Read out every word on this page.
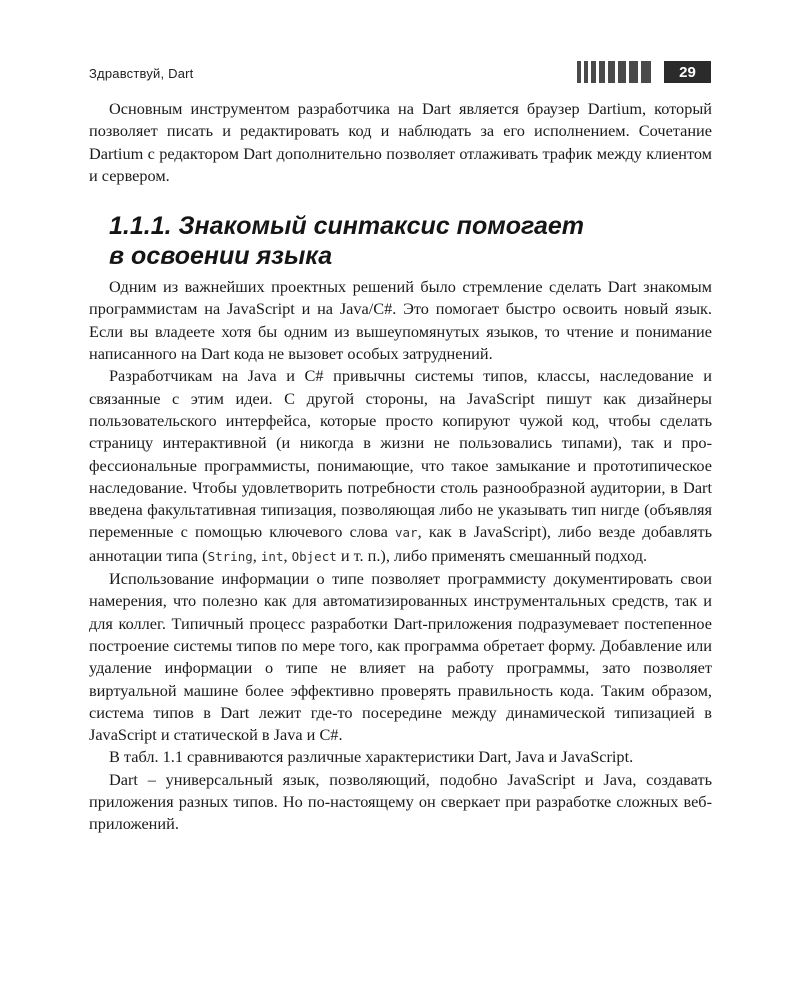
Здравствуй, Dart	29

Основным инструментом разработчика на Dart является браузер Dartium, который позволяет писать и редактировать код и наблюдать за его исполнением. Сочетание Dartium с редактором Dart дополнительно позволяет отлаживать трафик между клиентом и сервером.

1.1.1. Знакомый синтаксис помогает
в освоении языка

Одним из важнейших проектных решений было стремление сделать Dart знакомым программистам на JavaScript и на Java/C#. Это помогает быстро освоить новый язык. Если вы владеете хотя бы одним из вышеупомянутых языков, то чтение и понимание написанного на Dart кода не вызовет особых затруднений.

Разработчикам на Java и C# привычны системы типов, классы, наследование и связанные с этим идеи. С другой стороны, на JavaScript пишут как дизайнеры пользовательского интерфейса, которые просто копируют чужой код, чтобы сделать страницу интерактивной (и никогда в жизни не пользовались типами), так и профессиональные программисты, понимающие, что такое замыкание и прототипическое наследование. Чтобы удовлетворить потребности столь разнообразной аудитории, в Dart введена факультативная типизация, позволяющая либо не указывать тип нигде (объявляя переменные с помощью ключевого слова var, как в JavaScript), либо везде добавлять аннотации типа (String, int, Object и т. п.), либо применять смешанный подход.

Использование информации о типе позволяет программисту документировать свои намерения, что полезно как для автоматизированных инструментальных средств, так и для коллег. Типичный процесс разработки Dart-приложения подразумевает постепенное построение системы типов по мере того, как программа обретает форму. Добавление или удаление информации о типе не влияет на работу программы, зато позволяет виртуальной машине более эффективно проверять правильность кода. Таким образом, система типов в Dart лежит где-то посередине между динамической типизацией в JavaScript и статической в Java и C#.

В табл. 1.1 сравниваются различные характеристики Dart, Java и JavaScript.

Dart – универсальный язык, позволяющий, подобно JavaScript и Java, создавать приложения разных типов. Но по-настоящему он сверкает при разработке сложных веб-приложений.
